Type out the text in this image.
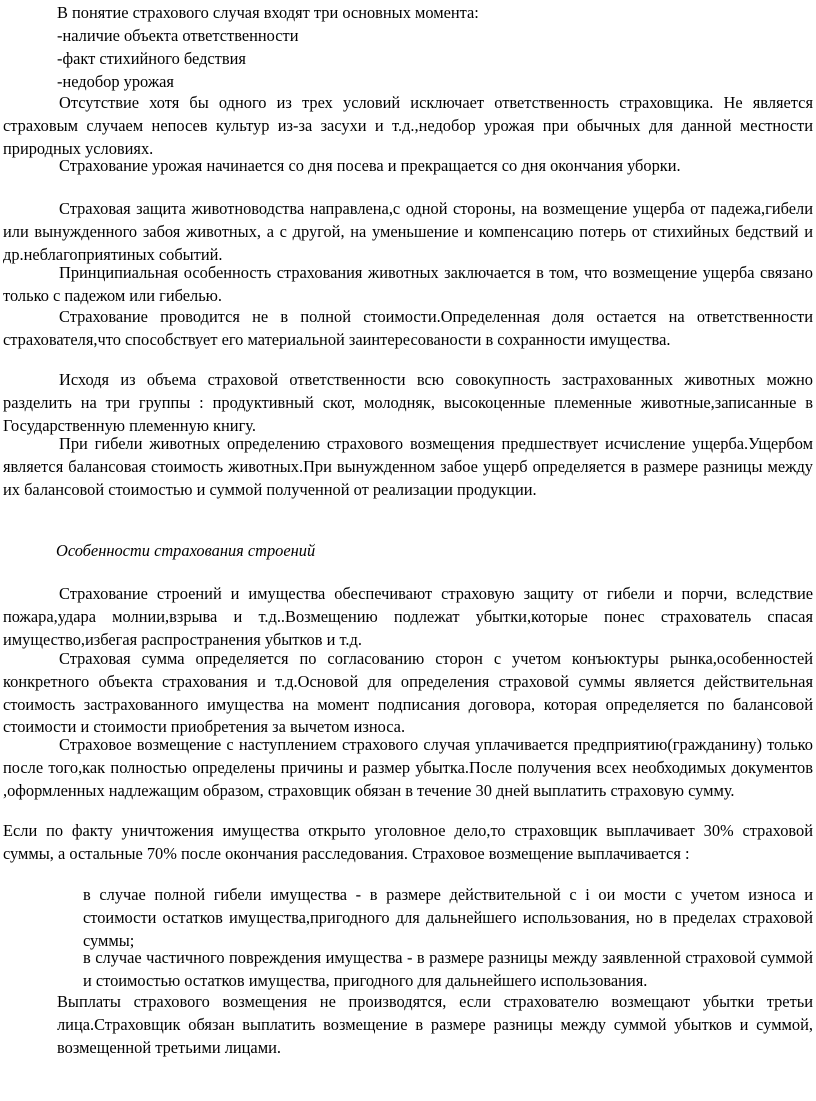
В понятие страхового случая входят три основных момента:

-наличие объекта ответственности

-факт стихийного бедствия

-недобор урожая

Отсутствие хотя бы одного из трех условий исключает ответственность страховщика. Не является страховым случаем непосев культур из-за засухи и т.д.,недобор урожая при обычных для данной местности природных условиях.

Страхование урожая начинается со дня посева и прекращается со дня окончания уборки.

Страховая защита животноводства направлена,с одной стороны, на возмещение ущерба от падежа,гибели или вынужденного забоя животных, а с другой, на уменьшение и компенсацию потерь от стихийных бедствий и др.неблагоприятиных событий.

Принципиальная особенность страхования животных заключается в том, что возмещение ущерба связано только с падежом или гибелью.

Страхование проводится не в полной стоимости.Определенная доля остается на ответственности страхователя,что способствует его материальной заинтересованости в сохранности имущества.

Исходя из объема страховой ответственности всю совокупность застрахованных животных можно разделить на три группы : продуктивный скот, молодняк, высокоценные племенные животные,записанные в Государственную племенную книгу.

При гибели животных определению страхового возмещения предшествует исчисление ущерба.Ущербом является балансовая стоимость животных.При вынужденном забое ущерб определяется в размере разницы между их балансовой стоимостью и суммой полученной от реализации продукции.

Особенности страхования строений

Страхование строений и имущества обеспечивают страховую защиту от гибели и порчи, вследствие пожара,удара молнии,взрыва и т.д..Возмещению подлежат убытки,которые понес страхователь спасая имущество,избегая распространения убытков и т.д.

Страховая сумма определяется по согласованию сторон с учетом конъюктуры рынка,особенностей конкретного объекта страхования и т.д.Основой для определения страховой суммы является действительная стоимость застрахованного имущества на момент подписания договора, которая определяется по балансовой стоимости и стоимости приобретения за вычетом износа.

Страховое возмещение с наступлением страхового случая уплачивается предприятию(гражданину) только после того,как полностью определены причины и размер убытка.После получения всех необходимых документов ,оформленных надлежащим образом, страховщик обязан в течение 30 дней выплатить страховую сумму.

Если по факту уничтожения имущества открыто уголовное дело,то страховщик выплачивает 30% страховой суммы, а остальные 70% после окончания расследования. Страховое возмещение выплачивается :

в случае полной гибели имущества - в размере действительной с і ои мости с учетом износа и стоимости остатков имущества,пригодного для дальнейшего использования, но в пределах страховой суммы;

в случае частичного повреждения имущества - в размере разницы между заявленной страховой суммой и стоимостью остатков имущества, пригодного для дальнейшего использования.

Выплаты страхового возмещения не производятся, если страхователю возмещают убытки третьи лица.Страховщик обязан выплатить возмещение в размере разницы между суммой убытков и суммой, возмещенной третьими лицами.
